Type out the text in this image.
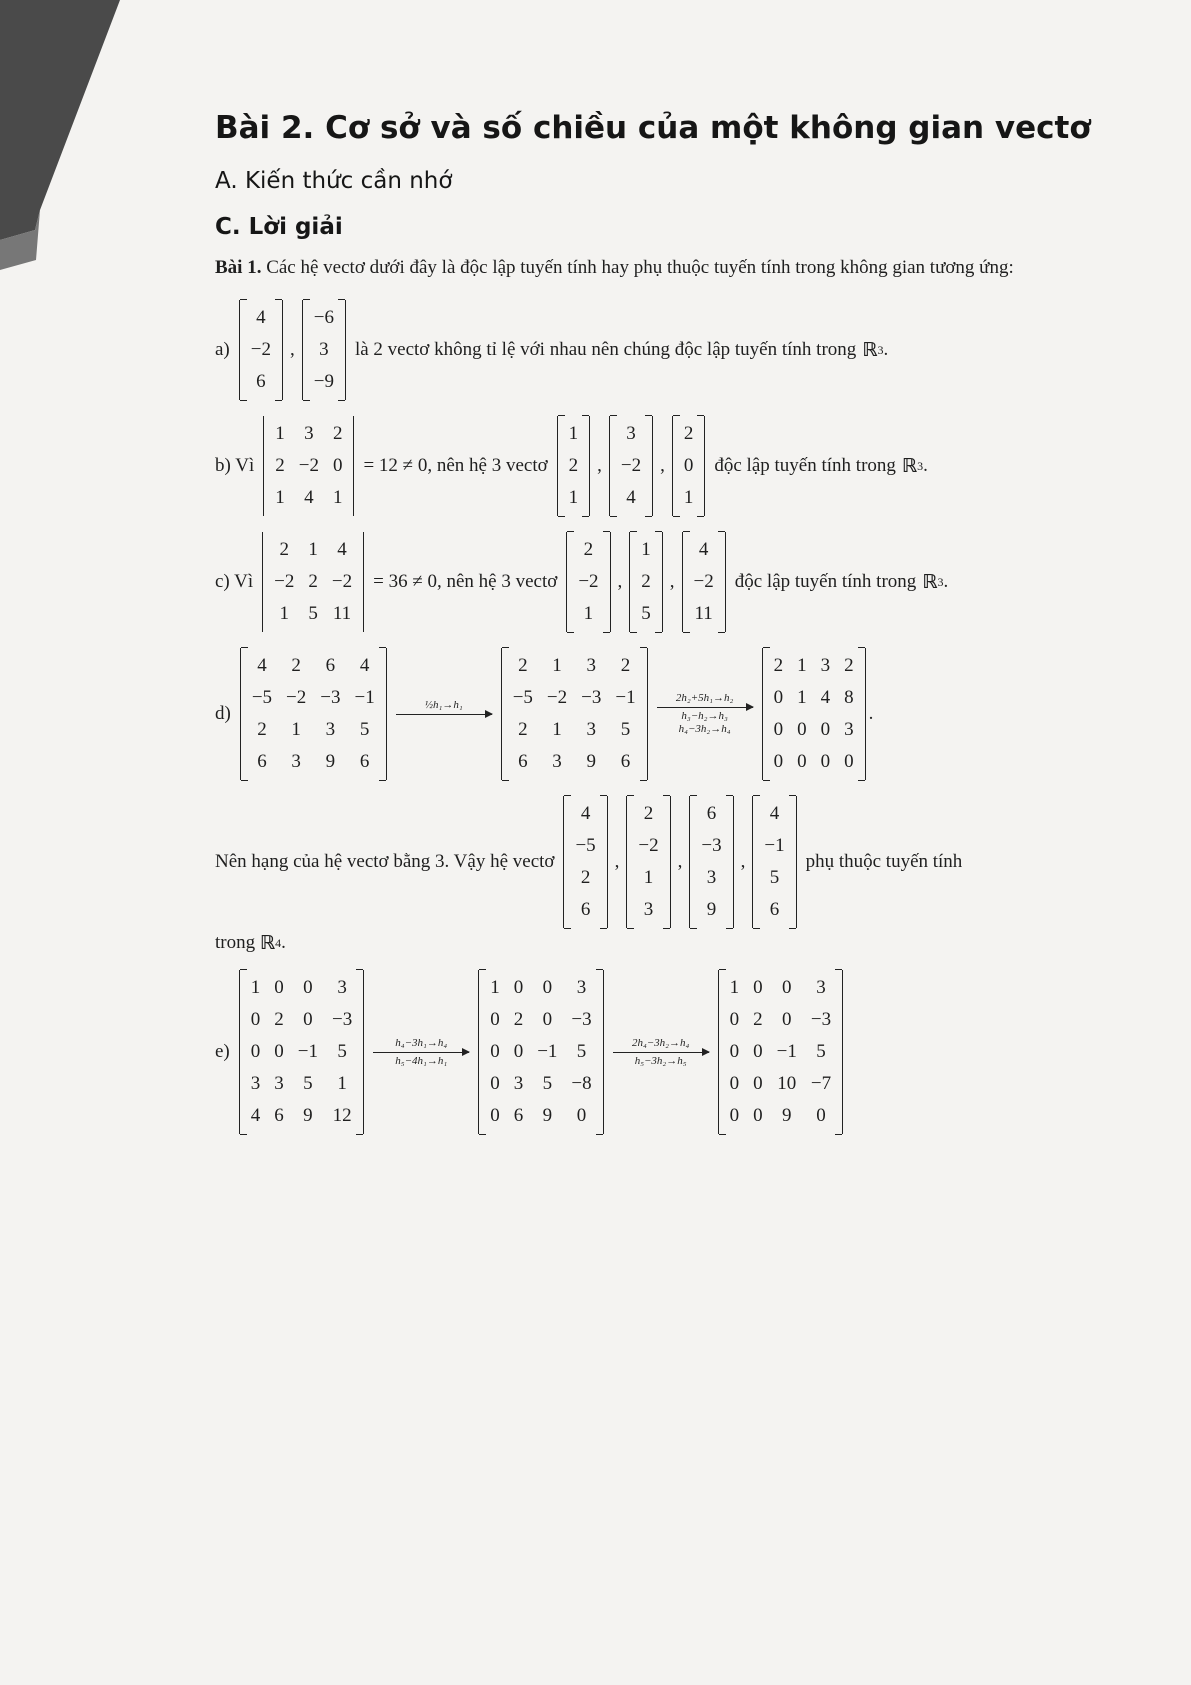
Bài 2. Cơ sở và số chiều của một không gian vectơ
A. Kiến thức cần nhớ
C. Lời giải

Bài 1. Các hệ vectơ dưới đây là độc lập tuyến tính hay phụ thuộc tuyến tính trong không gian tương ứng:

a)
4
−2
6
,
−6
3
−9
là 2 vectơ không tỉ lệ với nhau nên chúng độc lập tuyến tính trong ℝ 3 .
b) Vì
1	3	2
2	−2	0
1	4	1
= 12 ≠ 0, nên hệ 3 vectơ
1
2
1
,
3
−2
4
,
2
0
1
độc lập tuyến tính trong ℝ 3 .
c) Vì
2	1	4
−2	2	−2
1	5	11
= 36 ≠ 0, nên hệ 3 vectơ
2
−2
1
,
1
2
5
,
4
−2
11
độc lập tuyến tính trong ℝ 3 .
d)
4	2	6	4
−5	−2	−3	−1
2	1	3	5
6	3	9	6
½h₁→h₁

2	1	3	2
−5	−2	−3	−1
2	1	3	5
6	3	9	6
2h₂+5h₁→h₂
h₃−h₂→h₃
h₄−3h₂→h₄
2	1	3	2
0	1	4	8
0	0	0	3
0	0	0	0
.
Nên hạng của hệ vectơ bằng 3. Vậy hệ vectơ
4
−5
2
6
,
2
−2
1
3
,
6
−3
3
9
,
4
−1
5
6
phụ thuộc tuyến tính
trong
ℝ 4 .
e)
1	0	0	3
0	2	0	−3
0	0	−1	5
3	3	5	1
4	6	9	12
h₄−3h₁→h₄
h₅−4h₁→h₁
1	0	0	3
0	2	0	−3
0	0	−1	5
0	3	5	−8
0	6	9	0
2h₄−3h₂→h₄
h₅−3h₂→h₅
1	0	0	3
0	2	0	−3
0	0	−1	5
0	0	10	−7
0	0	9	0
